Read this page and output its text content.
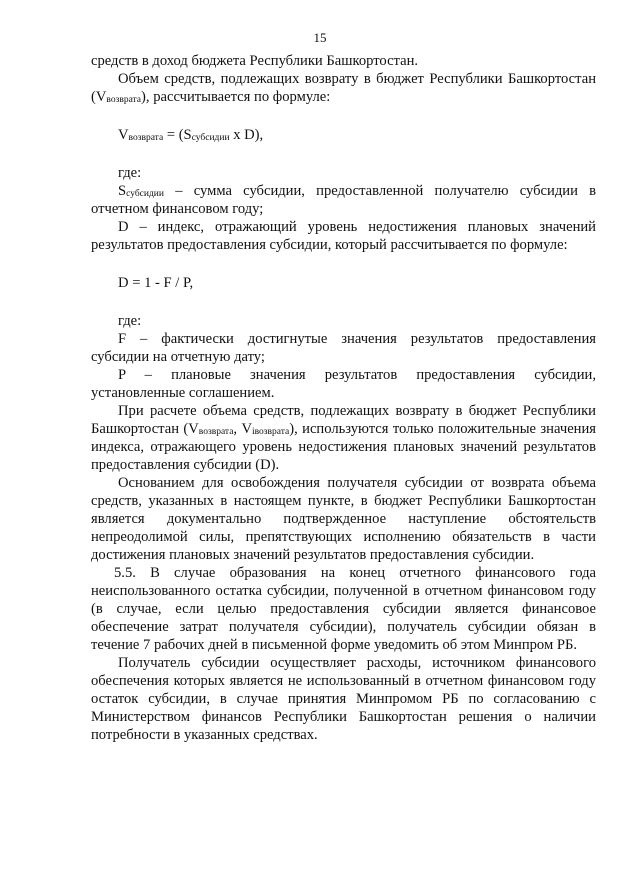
15

средств в доход бюджета Республики Башкортостан.

Объем средств, подлежащих возврату в бюджет Республики Башкортостан $(V_{возврата})$, рассчитывается по формуле:

$V_{возврата} = (S_{субсидии}$ x D),

где:

$S_{субсидии}$ – сумма субсидии, предоставленной получателю субсидии в отчетном финансовом году;

D – индекс, отражающий уровень недостижения плановых значений результатов предоставления субсидии, который рассчитывается по формуле:

D = 1 - F / P,

где:

F – фактически достигнутые значения результатов предоставления субсидии на отчетную дату;

P – плановые значения результатов предоставления субсидии, установленные соглашением.

При расчете объема средств, подлежащих возврату в бюджет Республики Башкортостан ($V_{возврата}$, $V_{iвозврата}$), используются только положительные значения индекса, отражающего уровень недостижения плановых значений результатов предоставления субсидии (D).

Основанием для освобождения получателя субсидии от возврата объема средств, указанных в настоящем пункте, в бюджет Республики Башкортостан является документально подтвержденное наступление обстоятельств непреодолимой силы, препятствующих исполнению обязательств в части достижения плановых значений результатов предоставления субсидии.

5.5. В случае образования на конец отчетного финансового года неиспользованного остатка субсидии, полученной в отчетном финансовом году (в случае, если целью предоставления субсидии является финансовое обеспечение затрат получателя субсидии), получатель субсидии обязан в течение 7 рабочих дней в письменной форме уведомить об этом Минпром РБ.

Получатель субсидии осуществляет расходы, источником финансового обеспечения которых является не использованный в отчетном финансовом году остаток субсидии, в случае принятия Минпромом РБ по согласованию с Министерством финансов Республики Башкортостан решения о наличии потребности в указанных средствах.
